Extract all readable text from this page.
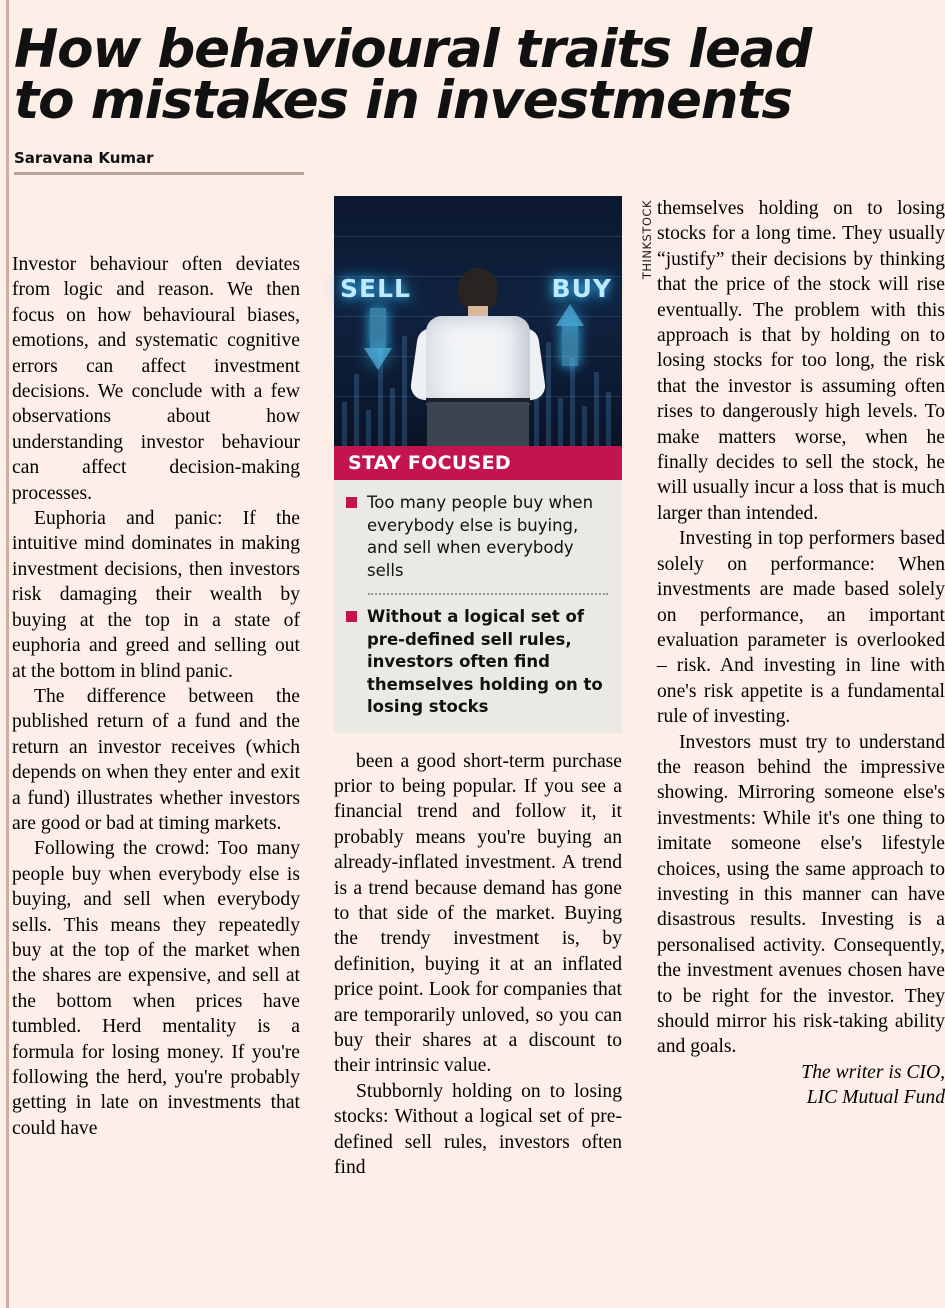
How behavioural traits lead
to mistakes in investments
Saravana Kumar

Investor behaviour often deviates from logic and reason. We then focus on how behavioural biases, emotions, and systematic cognitive errors can affect investment decisions. We conclude with a few observations about how understanding investor behaviour can affect decision-making processes.

Euphoria and panic: If the intuitive mind dominates in making investment decisions, then investors risk damaging their wealth by buying at the top in a state of euphoria and greed and selling out at the bottom in blind panic.

The difference between the published return of a fund and the return an investor receives (which depends on when they enter and exit a fund) illustrates whether investors are good or bad at timing markets.

Following the crowd: Too many people buy when everybody else is buying, and sell when everybody sells. This means they repeatedly buy at the top of the market when the shares are expensive, and sell at the bottom when prices have tumbled. Herd mentality is a formula for losing money. If you're following the herd, you're probably getting in late on investments that could have

SELL	BUY
THINKSTOCK
STAY FOCUSED
Too many people buy when everybody else is buying, and sell when everybody sells
Without a logical set of pre-defined sell rules, investors often find themselves holding on to losing stocks

been a good short-term purchase prior to being popular. If you see a financial trend and follow it, it probably means you're buying an already-inflated investment. A trend is a trend because demand has gone to that side of the market. Buying the trendy investment is, by definition, buying it at an inflated price point. Look for companies that are temporarily unloved, so you can buy their shares at a discount to their intrinsic value.

Stubbornly holding on to losing stocks: Without a logical set of pre-defined sell rules, investors often find

themselves holding on to losing stocks for a long time. They usually “justify” their decisions by thinking that the price of the stock will rise eventually. The problem with this approach is that by holding on to losing stocks for too long, the risk that the investor is assuming often rises to dangerously high levels. To make matters worse, when he finally decides to sell the stock, he will usually incur a loss that is much larger than intended.

Investing in top performers based solely on performance: When investments are made based solely on performance, an important evaluation parameter is overlooked – risk. And investing in line with one's risk appetite is a fundamental rule of investing.

Investors must try to understand the reason behind the impressive showing. Mirroring someone else's investments: While it's one thing to imitate someone else's lifestyle choices, using the same approach to investing in this manner can have disastrous results. Investing is a personalised activity. Consequently, the investment avenues chosen have to be right for the investor. They should mirror his risk-taking ability and goals.

The writer is CIO,
LIC Mutual Fund
